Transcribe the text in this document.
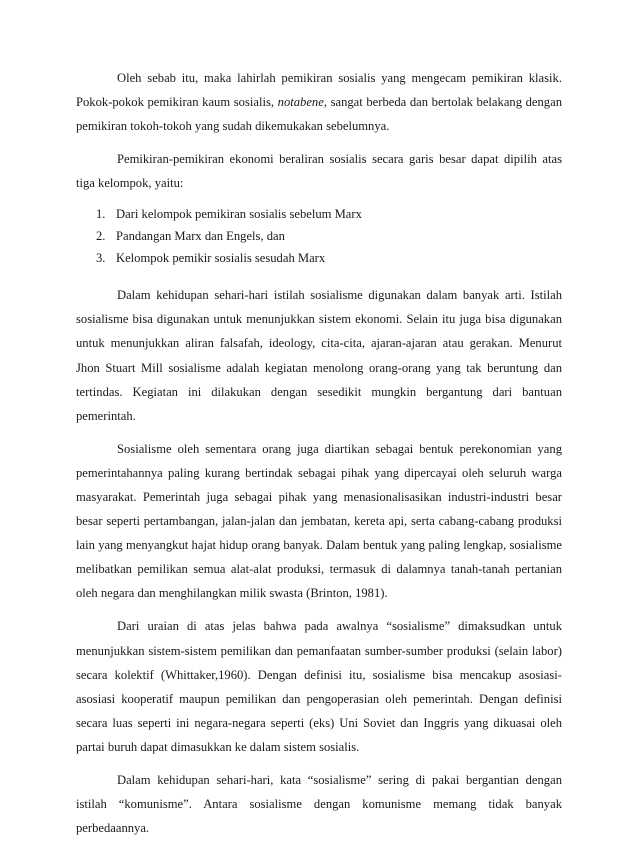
Oleh sebab itu, maka lahirlah pemikiran sosialis yang mengecam pemikiran klasik. Pokok-pokok pemikiran kaum sosialis, notabene, sangat berbeda dan bertolak belakang dengan pemikiran tokoh-tokoh yang sudah dikemukakan sebelumnya.

Pemikiran-pemikiran ekonomi beraliran sosialis secara garis besar dapat dipilih atas tiga kelompok, yaitu:

1. Dari kelompok pemikiran sosialis sebelum Marx
2. Pandangan Marx dan Engels, dan
3. Kelompok pemikir sosialis sesudah Marx

Dalam kehidupan sehari-hari istilah sosialisme digunakan dalam banyak arti. Istilah sosialisme bisa digunakan untuk menunjukkan sistem ekonomi. Selain itu juga bisa digunakan untuk menunjukkan aliran falsafah, ideology, cita-cita, ajaran-ajaran atau gerakan. Menurut Jhon Stuart Mill sosialisme adalah kegiatan menolong orang-orang yang tak beruntung dan tertindas. Kegiatan ini dilakukan dengan sesedikit mungkin bergantung dari bantuan pemerintah.

Sosialisme oleh sementara orang juga diartikan sebagai bentuk perekonomian yang pemerintahannya paling kurang bertindak sebagai pihak yang dipercayai oleh seluruh warga masyarakat. Pemerintah juga sebagai pihak yang menasionalisasikan industri-industri besar besar seperti pertambangan, jalan-jalan dan jembatan, kereta api, serta cabang-cabang produksi lain yang menyangkut hajat hidup orang banyak. Dalam bentuk yang paling lengkap, sosialisme melibatkan pemilikan semua alat-alat produksi, termasuk di dalamnya tanah-tanah pertanian oleh negara dan menghilangkan milik swasta (Brinton, 1981).

Dari uraian di atas jelas bahwa pada awalnya “sosialisme” dimaksudkan untuk menunjukkan sistem-sistem pemilikan dan pemanfaatan sumber-sumber produksi (selain labor) secara kolektif (Whittaker,1960). Dengan definisi itu, sosialisme bisa mencakup asosiasi-asosiasi kooperatif maupun pemilikan dan pengoperasian oleh pemerintah. Dengan definisi secara luas seperti ini negara-negara seperti (eks) Uni Soviet dan Inggris yang dikuasai oleh partai buruh dapat dimasukkan ke dalam sistem sosialis.

Dalam kehidupan sehari-hari, kata “sosialisme” sering di pakai bergantian dengan istilah “komunisme”. Antara sosialisme dengan komunisme memang tidak banyak perbedaannya.
